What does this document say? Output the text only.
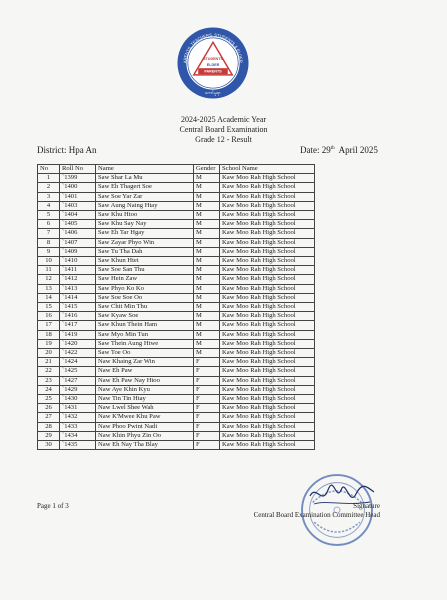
ARENTS, TEACHERS, STUDENTS & ELDER
STUDENTS
ELDER
PARENTS
ကော်မူရာ
2024-2025 Academic Year
Central Board Examination
Grade 12 - Result
District: Hpa An	Date: 29th  April 2025
No	Roll No	Name	Gender	School Name
1	`1399	Saw Shar La Mu	M	Kaw Moo Rah High School
2	`1400	Saw Eh Thagert Soe	M	Kaw Moo Rah High School
3	`1401	Saw Soe Yar Zar	M	Kaw Moo Rah High School
4	`1403	Saw Aung Naing Htay	M	Kaw Moo Rah High School
5	`1404	Saw Khu Htoo	M	Kaw Moo Rah High School
6	`1405	Saw Khu Say Nay	M	Kaw Moo Rah High School
7	`1406	Saw Eh Tar Hgay	M	Kaw Moo Rah High School
8	`1407	Saw Zayar Phyo Win	M	Kaw Moo Rah High School
9	`1409	Saw Tu Tha Dah	M	Kaw Moo Rah High School
10	`1410	Saw Khun Htet	M	Kaw Moo Rah High School
11	`1411	Saw Soe San Thu	M	Kaw Moo Rah High School
12	`1412	Saw Hein Zaw	M	Kaw Moo Rah High School
13	`1413	Saw Phyo Ko Ko	M	Kaw Moo Rah High School
14	`1414	Saw Soe Soe Oo	M	Kaw Moo Rah High School
15	`1415	Saw Chit Min Thu	M	Kaw Moo Rah High School
16	`1416	Saw Kyaw Soe	M	Kaw Moo Rah High School
17	`1417	Saw Khun Thein Ham	M	Kaw Moo Rah High School
18	`1419	Saw Myo Min Tun	M	Kaw Moo Rah High School
19	`1420	Saw Thein Aung Htwe	M	Kaw Moo Rah High School
20	`1422	Saw Toe Oo	M	Kaw Moo Rah High School
21	`1424	Naw Khaing Zar Win	F	Kaw Moo Rah High School
22	`1425	Naw Eh Paw	F	Kaw Moo Rah High School
23	`1427	Naw Eh Paw Nay Htoo	F	Kaw Moo Rah High School
24	`1429	Naw Aye Khin Kyu	F	Kaw Moo Rah High School
25	`1430	Naw Tin Tin Htay	F	Kaw Moo Rah High School
26	`1431	Naw Lwel Shee Wah	F	Kaw Moo Rah High School
27	`1432	Naw K'Mwee Khu Paw	F	Kaw Moo Rah High School
28	`1433	Naw Phoo Pwint Nadi	F	Kaw Moo Rah High School
29	`1434	Naw Khin Phyu Zin Oo	F	Kaw Moo Rah High School
30	`1435	Naw Eh Nay Tha Blay	F	Kaw Moo Rah High School
Page 1 of 3	Signature
Central Board Examination Committee Head
